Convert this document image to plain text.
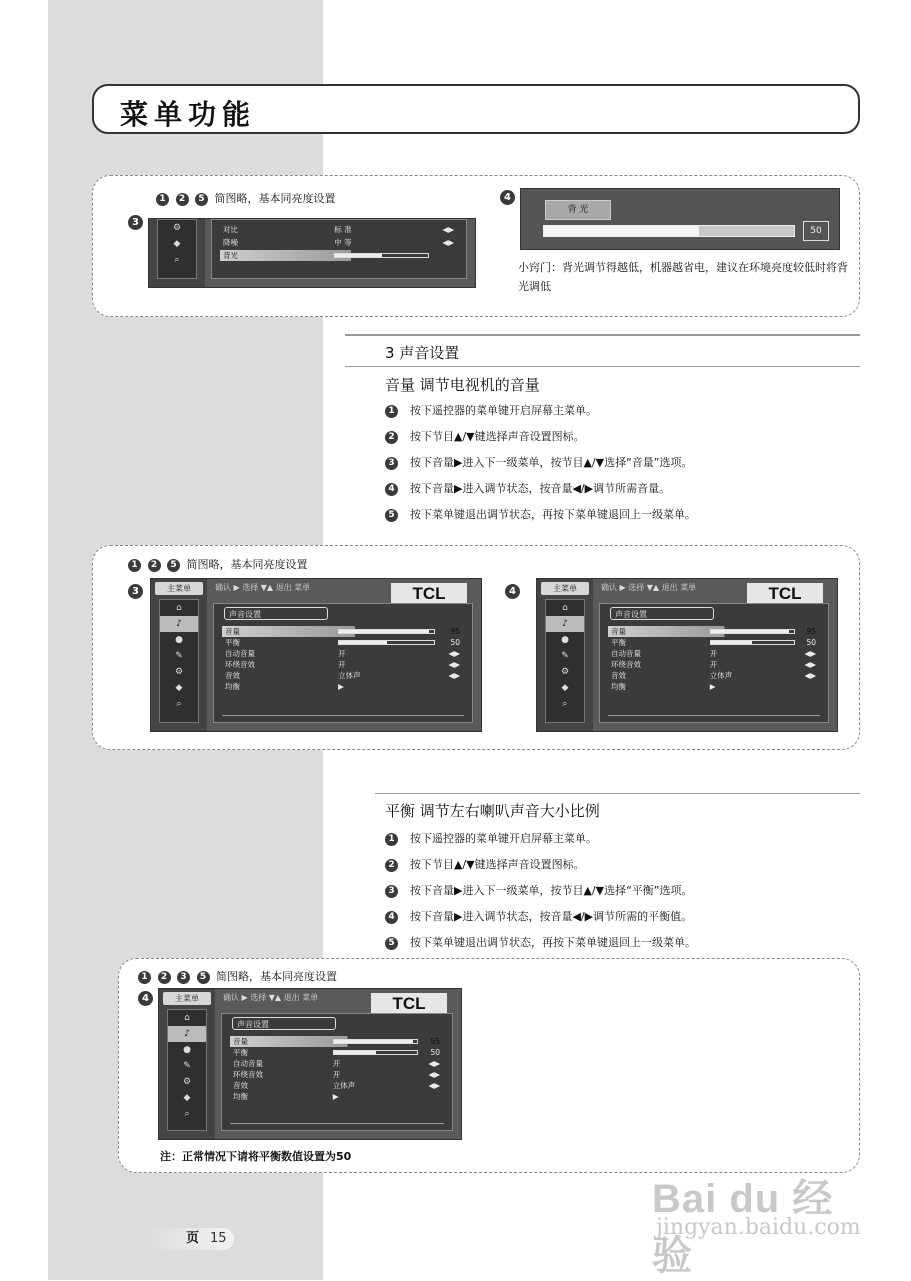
菜单功能
1 2 5 简图略，基本同亮度设置
3	⚙
◆
⌕
对比	标 准	◀▶
降噪	中 等	◀▶
背光
4
背 光
50
小窍门：背光调节得越低，机器越省电，建议在环境亮度较低时将背光调低
3 声音设置
音量 调节电视机的音量
1 按下遥控器的菜单键开启屏幕主菜单。
2 按下节目▲/▼键选择声音设置图标。
3 按下音量▶进入下一级菜单，按节目▲/▼选择“音量”选项。
4 按下音量▶进入调节状态，按音量◀/▶调节所需音量。
5 按下菜单键退出调节状态，再按下菜单键退回上一级菜单。
1 2 5 简图略，基本同亮度设置
3	4
主菜单
⌂
♪
●
✎
⚙
◆
⌕
确认 ▶ 选择 ▼▲ 退出 菜单	TCL
声音设置
音量	95
平衡	50
自动音量	开	◀▶
环绕音效	开	◀▶
音效	立体声	◀▶
均衡	▶
主菜单
⌂
♪
●
✎
⚙
◆
⌕
确认 ▶ 选择 ▼▲ 退出 菜单	TCL
声音设置
音量	95
平衡	50
自动音量	开	◀▶
环绕音效	开	◀▶
音效	立体声	◀▶
均衡	▶
平衡 调节左右喇叭声音大小比例
1 按下遥控器的菜单键开启屏幕主菜单。
2 按下节目▲/▼键选择声音设置图标。
3 按下音量▶进入下一级菜单，按节目▲/▼选择“平衡”选项。
4 按下音量▶进入调节状态，按音量◀/▶调节所需的平衡值。
5 按下菜单键退出调节状态，再按下菜单键退回上一级菜单。
1 2 3 5 简图略，基本同亮度设置
4	主菜单
⌂
♪
●
✎
⚙
◆
⌕
确认 ▶ 选择 ▼▲ 退出 菜单	TCL
声音设置
音量	95
平衡	50
自动音量	开	◀▶
环绕音效	开	◀▶
音效	立体声	◀▶
均衡	▶
注：正常情况下请将平衡数值设置为50
页 15
Bai du 经验
jingyan.baidu.com
